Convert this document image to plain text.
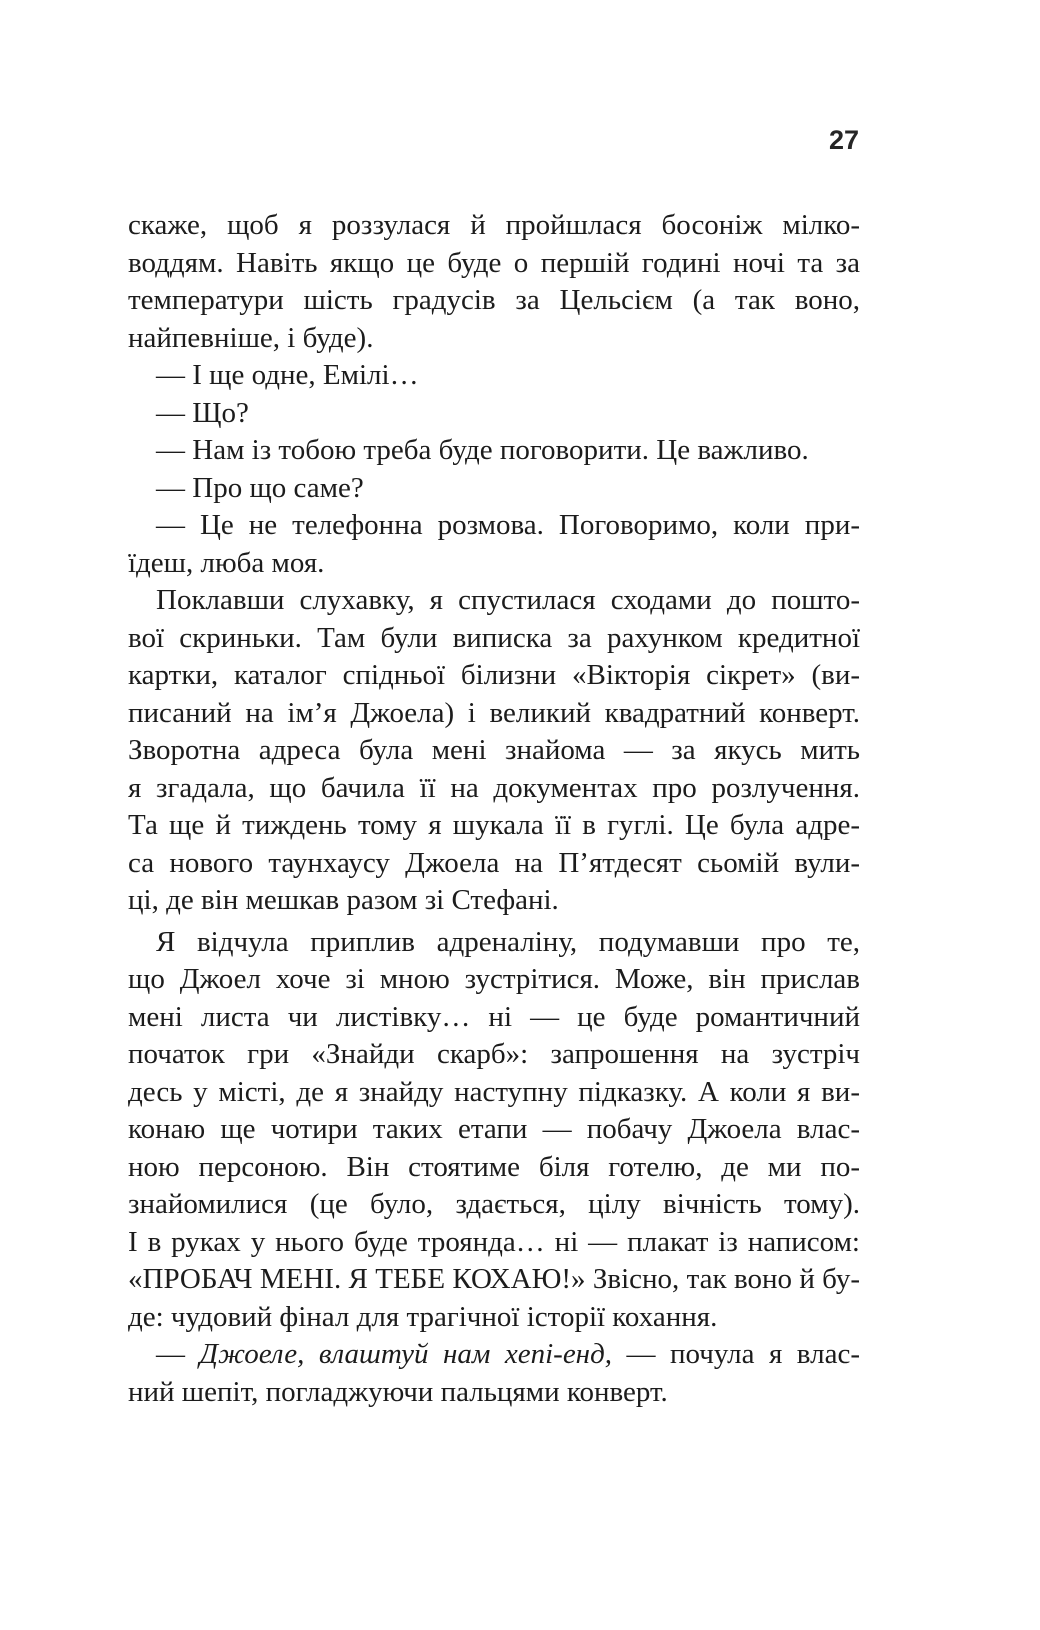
27
скаже, щоб я роззулася й пройшлася босоніж мілко-
воддям. Навіть якщо це буде о першій годині ночі та за
температури шість градусів за Цельсієм (а так воно,
найпевніше, і буде).
— І ще одне, Емілі…
— Що?
— Нам із тобою треба буде поговорити. Це важливо.
— Про що саме?
— Це не телефонна розмова. Поговоримо, коли при-
їдеш, люба моя.
Поклавши слухавку, я спустилася сходами до пошто-
вої скриньки. Там були виписка за рахунком кредитної
картки, каталог спідньої білизни «Вікторія сікрет» (ви-
писаний на ім’я Джоела) і великий квадратний конверт.
Зворотна адреса була мені знайома — за якусь мить
я згадала, що бачила її на документах про розлучення.
Та ще й тиждень тому я шукала її в гуглі. Це була адре-
са нового таунхаусу Джоела на П’ятдесят сьомій вули-
ці, де він мешкав разом зі Стефані.
Я відчула приплив адреналіну, подумавши про те,
що Джоел хоче зі мною зустрітися. Може, він прислав
мені листа чи листівку… ні — це буде романтичний
початок гри «Знайди скарб»: запрошення на зустріч
десь у місті, де я знайду наступну підказку. А коли я ви-
конаю ще чотири таких етапи — побачу Джоела влас-
ною персоною. Він стоятиме біля готелю, де ми по-
знайомилися (це було, здається, цілу вічність тому).
І в руках у нього буде троянда… ні — плакат із написом:
«ПРОБАЧ МЕНІ. Я ТЕБЕ КОХАЮ!» Звісно, так воно й бу-
де: чудовий фінал для трагічної історії кохання.
— Джоеле, влаштуй нам хепі-енд, — почула я влас-
ний шепіт, погладжуючи пальцями конверт.
